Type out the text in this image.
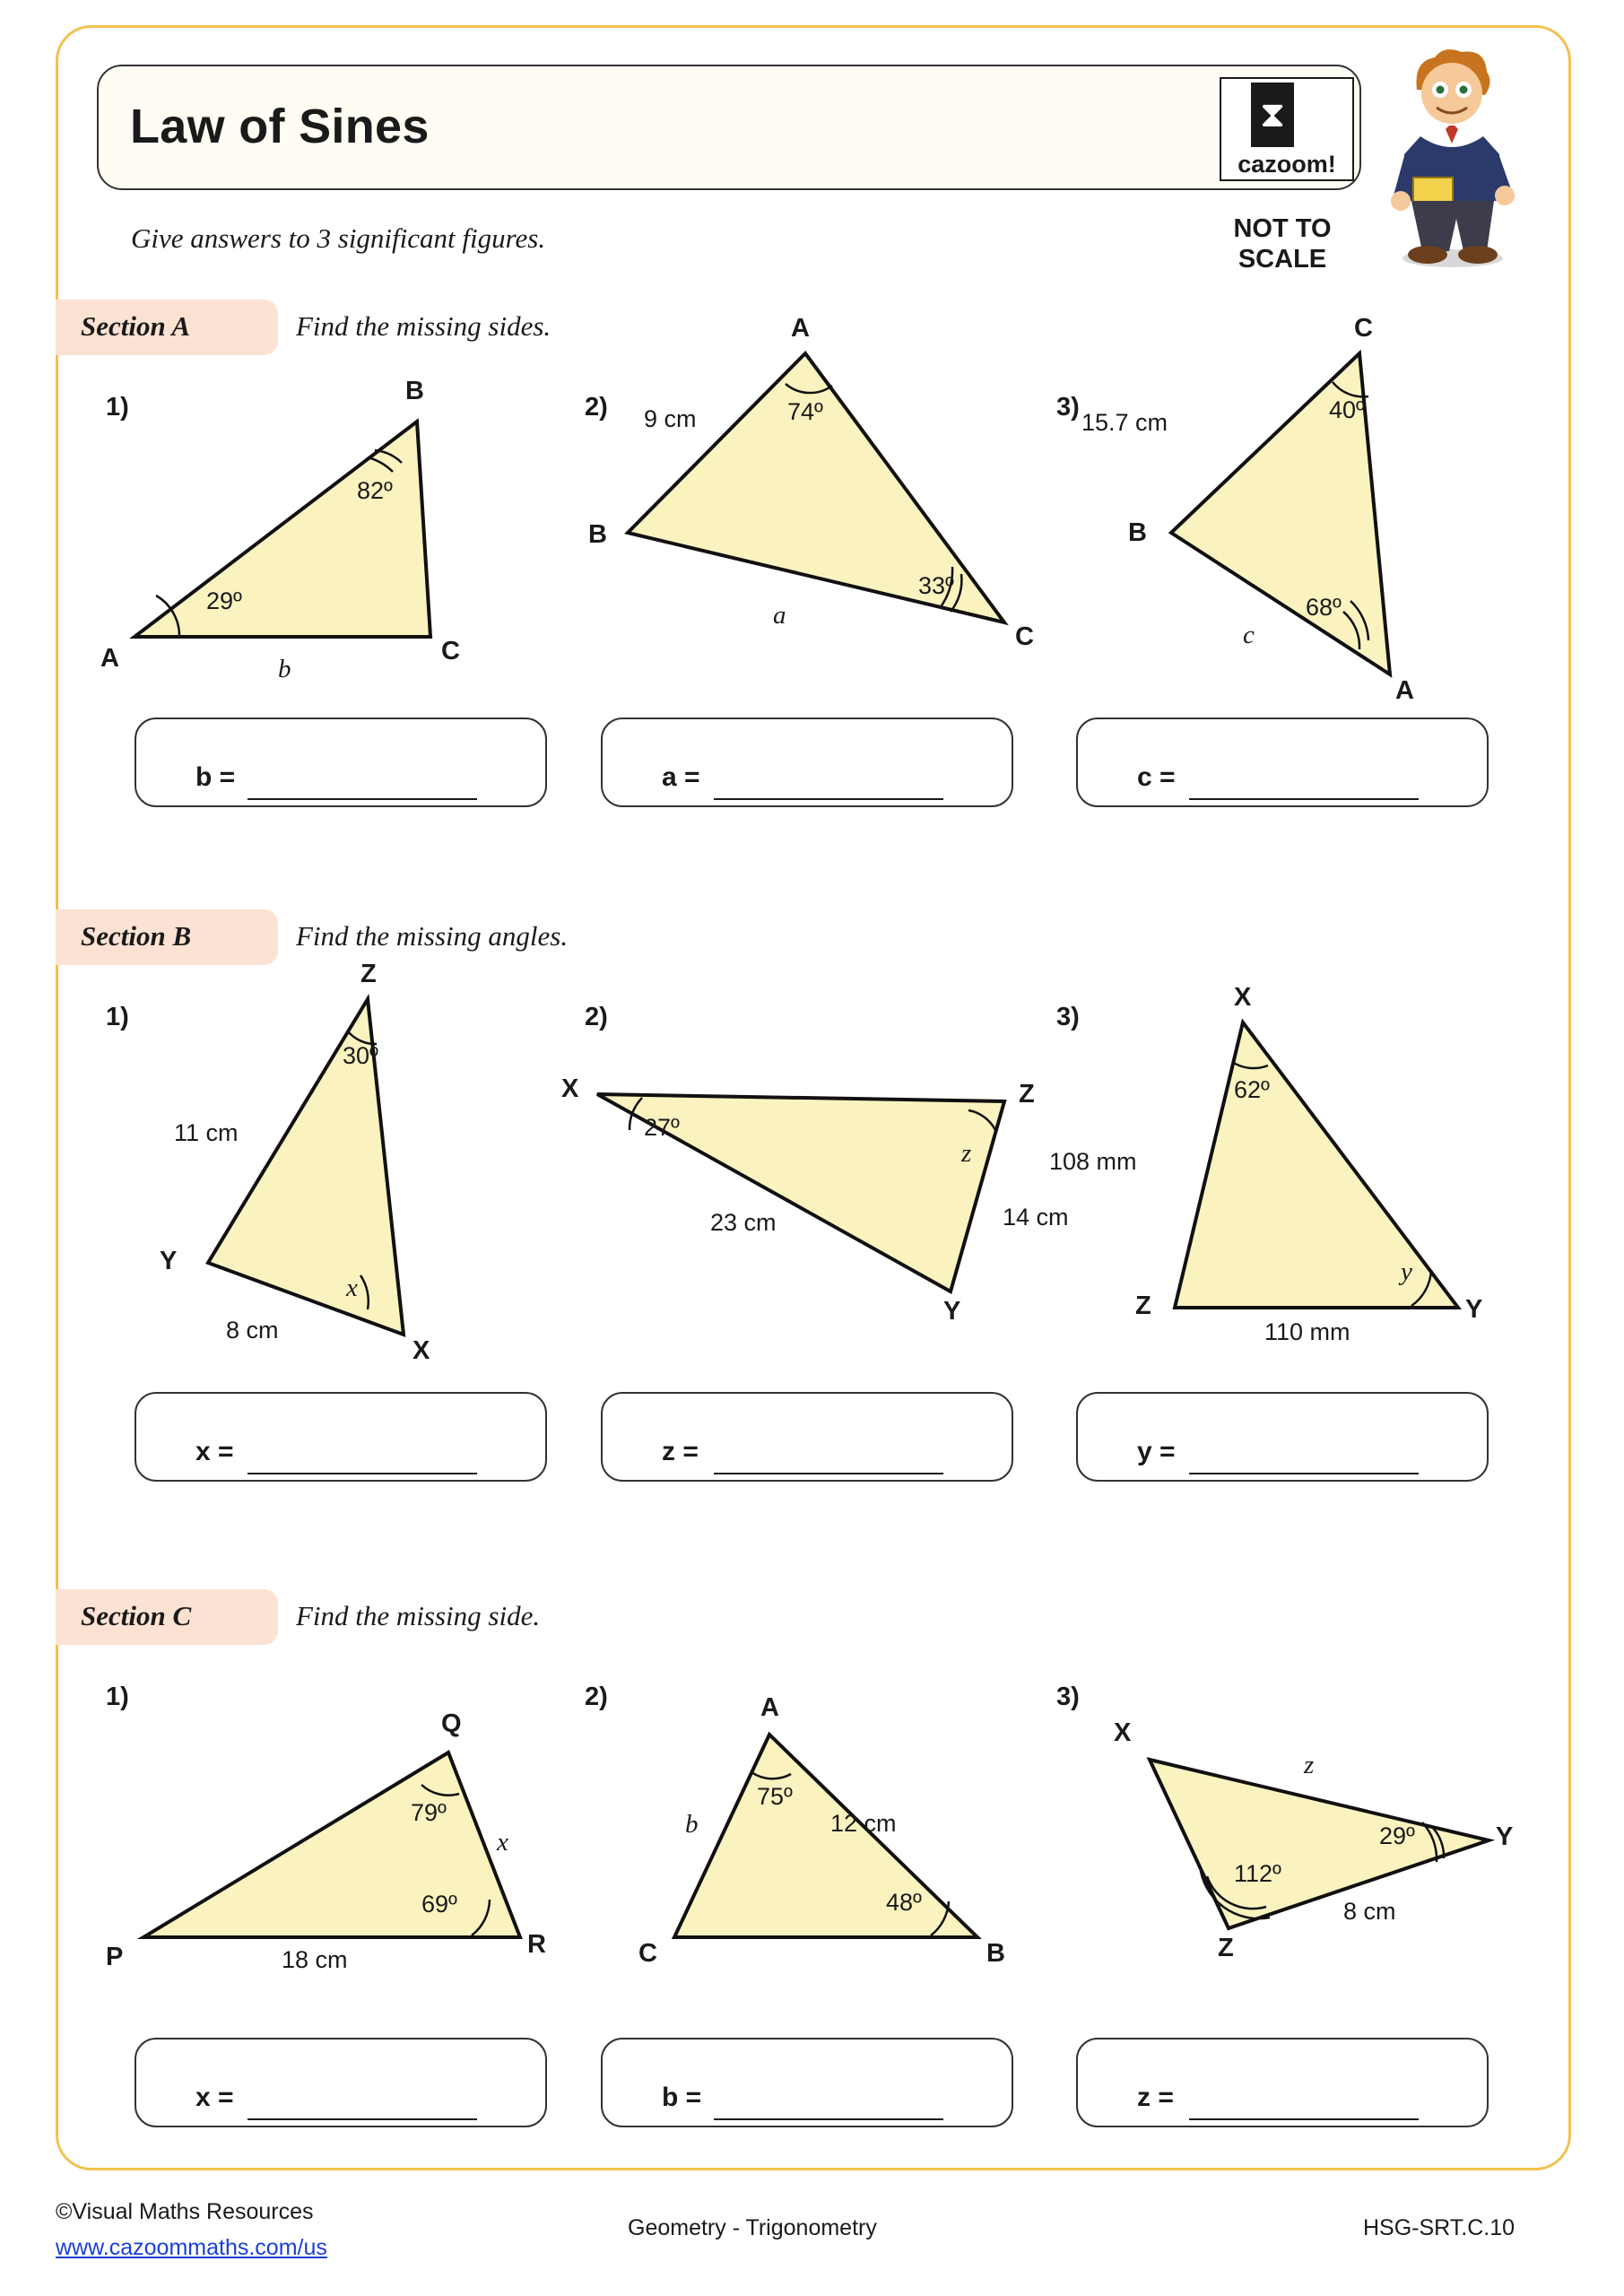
Law of Sines	⧗
cazoom!
Give answers to 3 significant figures.	NOT TO
SCALE
Section A	Find the missing sides.
1)
B
A	C
82º
29º
b
2)
A
B
C
9 cm	74º
33º
a
3)
C
B
A
15.7 cm	40º
68º
c
b =	a =	c =
Section B	Find the missing angles.
1)
Z
Y
X
30º
11 cm
8 cm
x
2)
X	Z
Y
27º
z
14 cm
23 cm
3)
X
Z	Y
62º
108 mm
110 mm
y
x =	z =	y =
Section C	Find the missing side.
1)
Q
P	R
79º
69º
x
18 cm
2)	A
C	B
75º
48º
b	12 cm
3)
X
Y
Z
z
29º
112º
8 cm
x =	b =	z =
©Visual Maths Resources
www.cazoommaths.com/us
Geometry - Trigonometry	HSG-SRT.C.10
